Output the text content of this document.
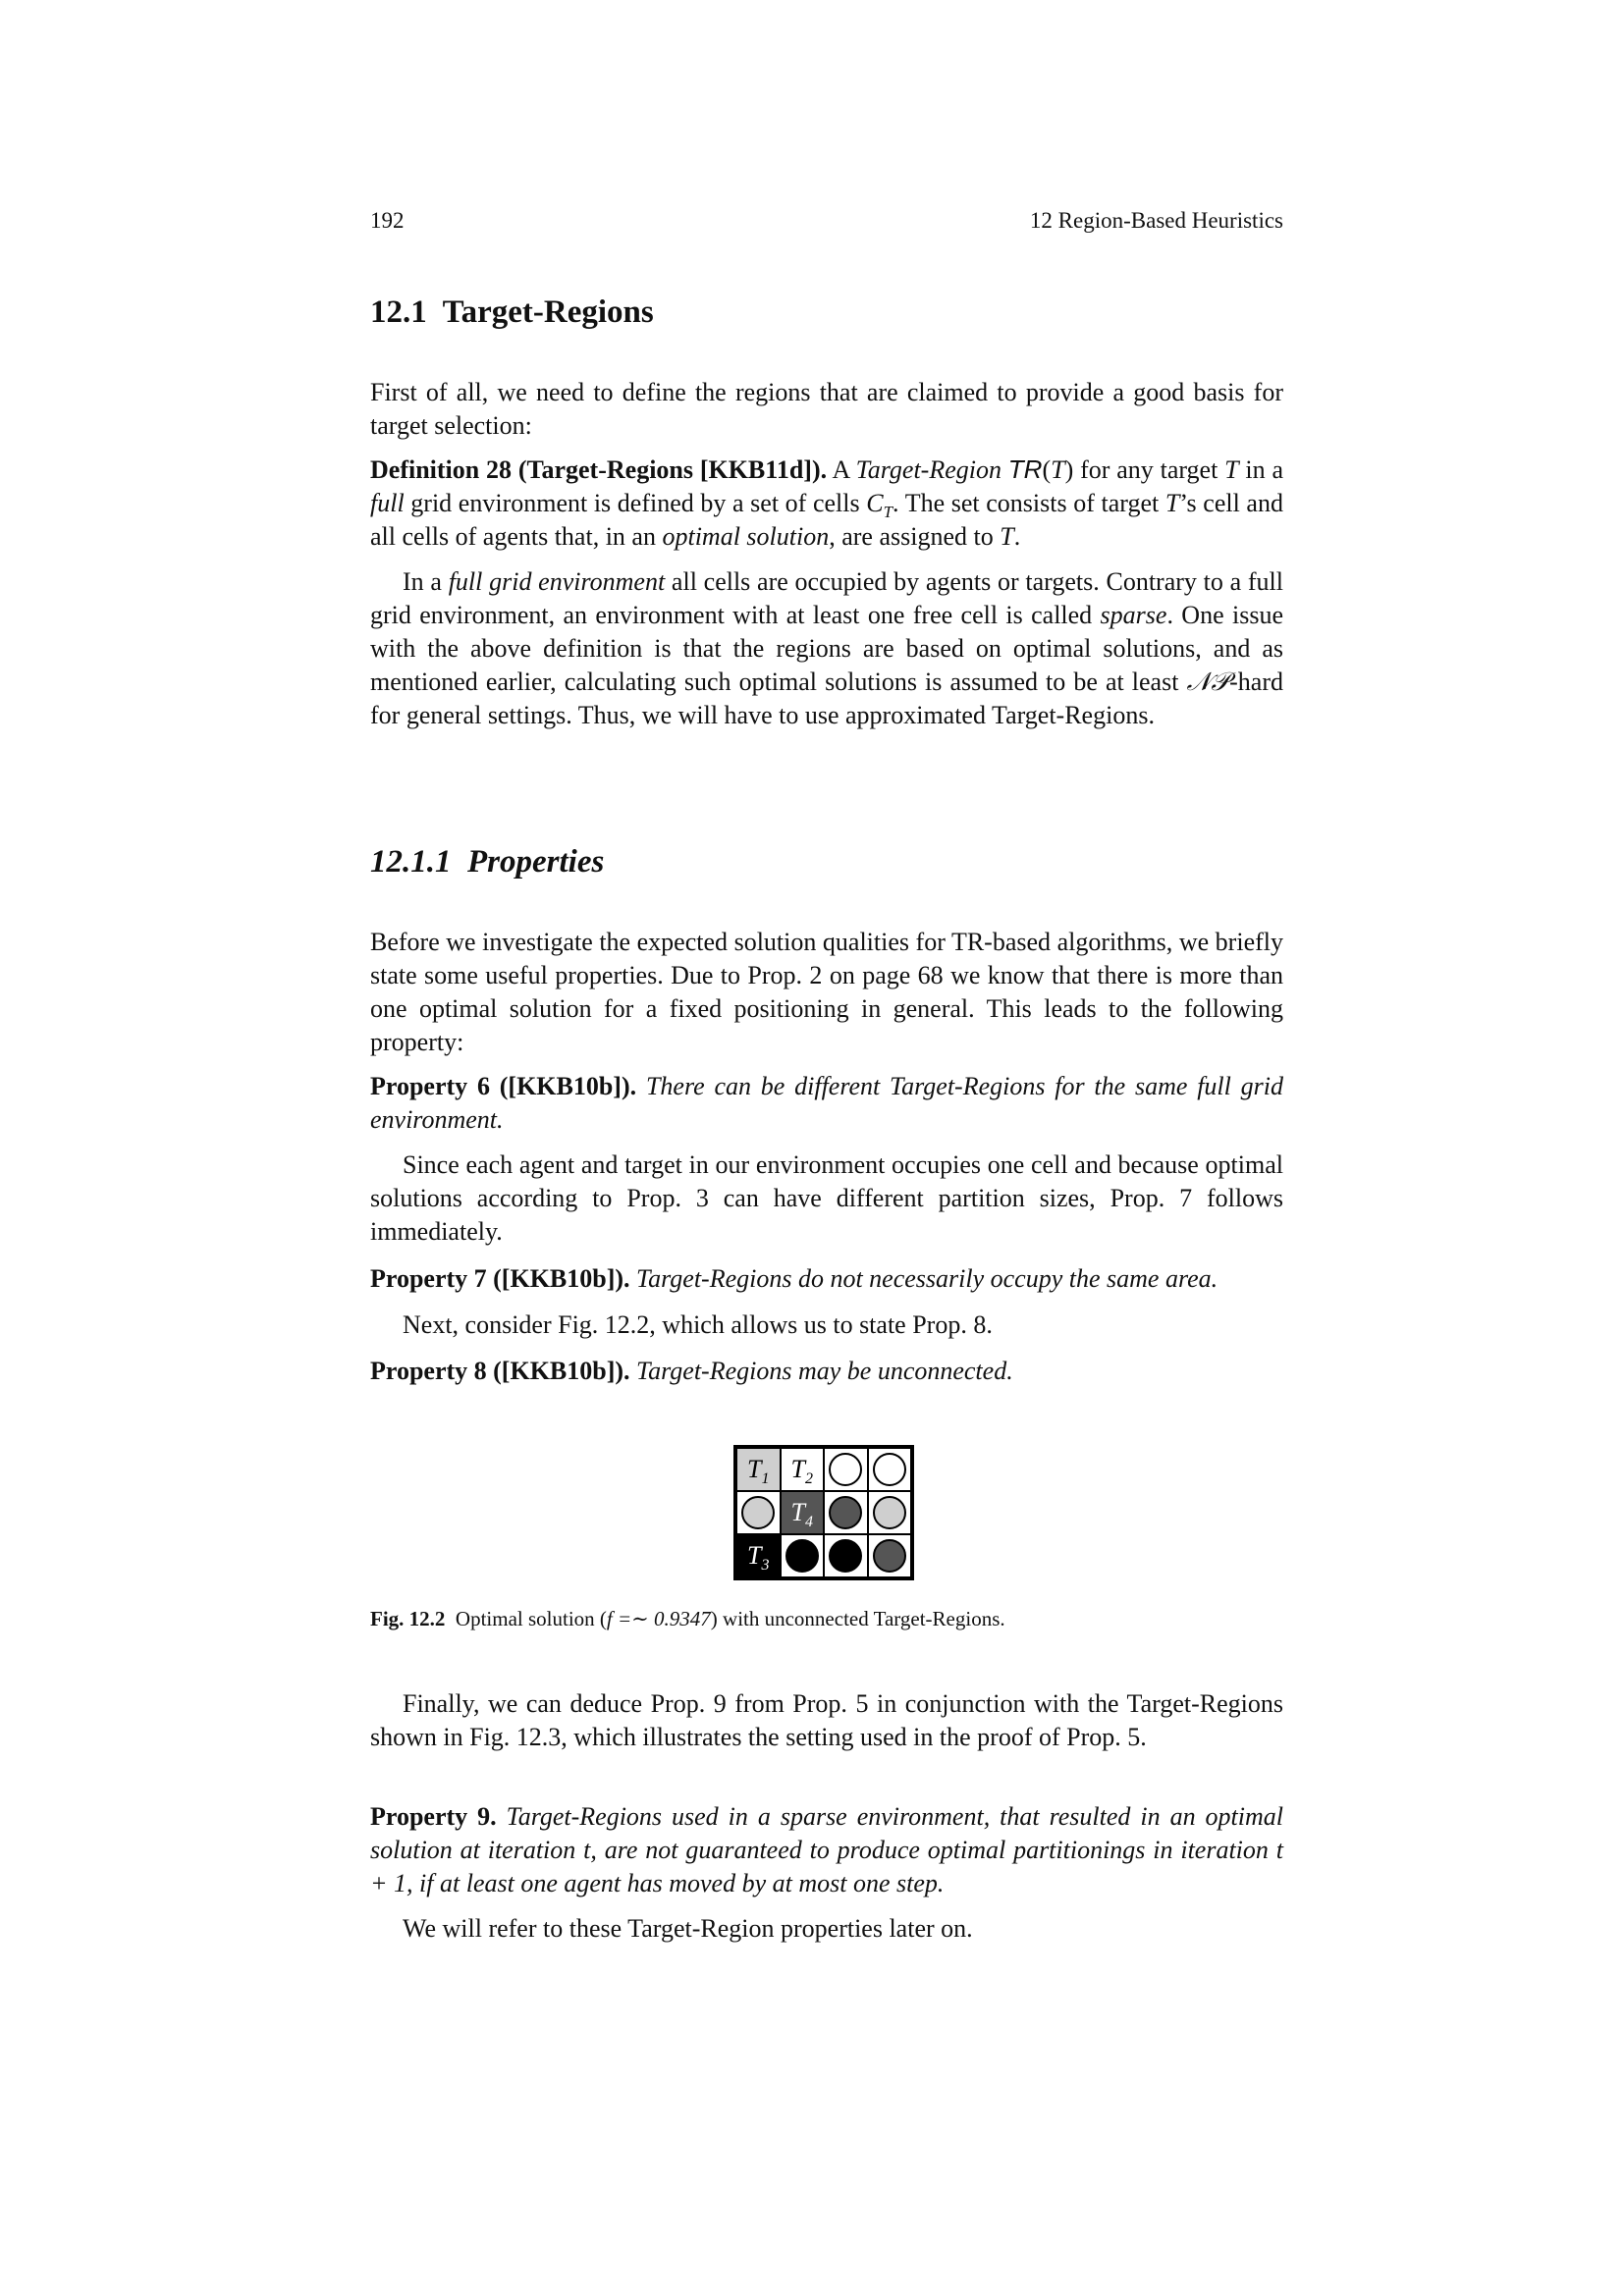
192	12 Region-Based Heuristics
12.1 Target-Regions
First of all, we need to define the regions that are claimed to provide a good basis for target selection:
Definition 28 (Target-Regions [KKB11d]). A Target-Region TR(T) for any target T in a full grid environment is defined by a set of cells $C_T$. The set consists of target T’s cell and all cells of agents that, in an optimal solution, are assigned to T.
In a full grid environment all cells are occupied by agents or targets. Contrary to a full grid environment, an environment with at least one free cell is called sparse. One issue with the above definition is that the regions are based on optimal solutions, and as mentioned earlier, calculating such optimal solutions is assumed to be at least 𝒩𝒫-hard for general settings. Thus, we will have to use approximated Target-Regions.
12.1.1 Properties
Before we investigate the expected solution qualities for TR-based algorithms, we briefly state some useful properties. Due to Prop. 2 on page 68 we know that there is more than one optimal solution for a fixed positioning in general. This leads to the following property:
Property 6 ([KKB10b]). There can be different Target-Regions for the same full grid environment.
Since each agent and target in our environment occupies one cell and because optimal solutions according to Prop. 3 can have different partition sizes, Prop. 7 follows immediately.
Property 7 ([KKB10b]). Target-Regions do not necessarily occupy the same area.
Next, consider Fig. 12.2, which allows us to state Prop. 8.
Property 8 ([KKB10b]). Target-Regions may be unconnected.
$T_1$ $T_2$
$T_4$
$T_3$
Fig. 12.2 Optimal solution (f =∼ 0.9347) with unconnected Target-Regions.
Finally, we can deduce Prop. 9 from Prop. 5 in conjunction with the Target-Regions shown in Fig. 12.3, which illustrates the setting used in the proof of Prop. 5.
Property 9. Target-Regions used in a sparse environment, that resulted in an optimal solution at iteration t, are not guaranteed to produce optimal partitionings in iteration t + 1, if at least one agent has moved by at most one step.
We will refer to these Target-Region properties later on.
